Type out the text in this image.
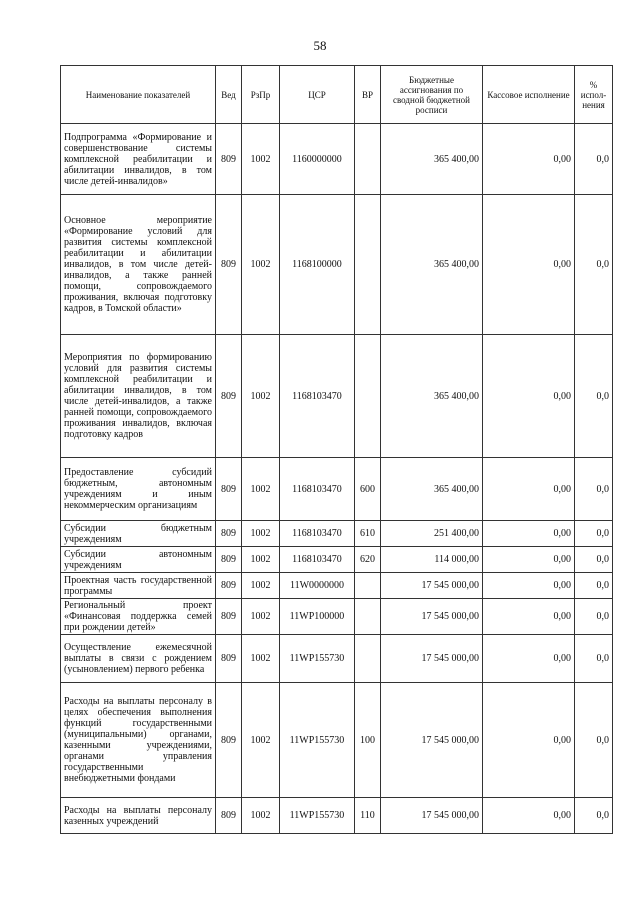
58
Наименование показателей	Вед	РзПр	ЦСР	ВР	Бюджетные ассигнования по сводной бюджетной росписи	Кассовое исполнение	% испол-нения
Подпрограмма «Формирование и совершенствование системы комплексной реабилитации и абилитации инвалидов, в том числе детей-инвалидов»	809	1002	1160000000		365 400,00	0,00	0,0
Основное мероприятие «Формирование условий для развития системы комплексной реабилитации и абилитации инвалидов, в том числе детей-инвалидов, а также ранней помощи, сопровождаемого проживания, включая подготовку кадров, в Томской области»	809	1002	1168100000		365 400,00	0,00	0,0
Мероприятия по формированию условий для развития системы комплексной реабилитации и абилитации инвалидов, в том числе детей-инвалидов, а также ранней помощи, сопровождаемого проживания инвалидов, включая подготовку кадров	809	1002	1168103470		365 400,00	0,00	0,0
Предоставление субсидий бюджетным, автономным учреждениям и иным некоммерческим организациям	809	1002	1168103470	600	365 400,00	0,00	0,0
Субсидии бюджетным учреждениям	809	1002	1168103470	610	251 400,00	0,00	0,0
Субсидии автономным учреждениям	809	1002	1168103470	620	114 000,00	0,00	0,0
Проектная часть государственной программы	809	1002	11W0000000		17 545 000,00	0,00	0,0
Региональный проект «Финансовая поддержка семей при рождении детей»	809	1002	11WP100000		17 545 000,00	0,00	0,0
Осуществление ежемесячной выплаты в связи с рождением (усыновлением) первого ребенка	809	1002	11WP155730		17 545 000,00	0,00	0,0
Расходы на выплаты персоналу в целях обеспечения выполнения функций государственными (муниципальными) органами, казенными учреждениями, органами управления государственными внебюджетными фондами	809	1002	11WP155730	100	17 545 000,00	0,00	0,0
Расходы на выплаты персоналу казенных учреждений	809	1002	11WP155730	110	17 545 000,00	0,00	0,0
